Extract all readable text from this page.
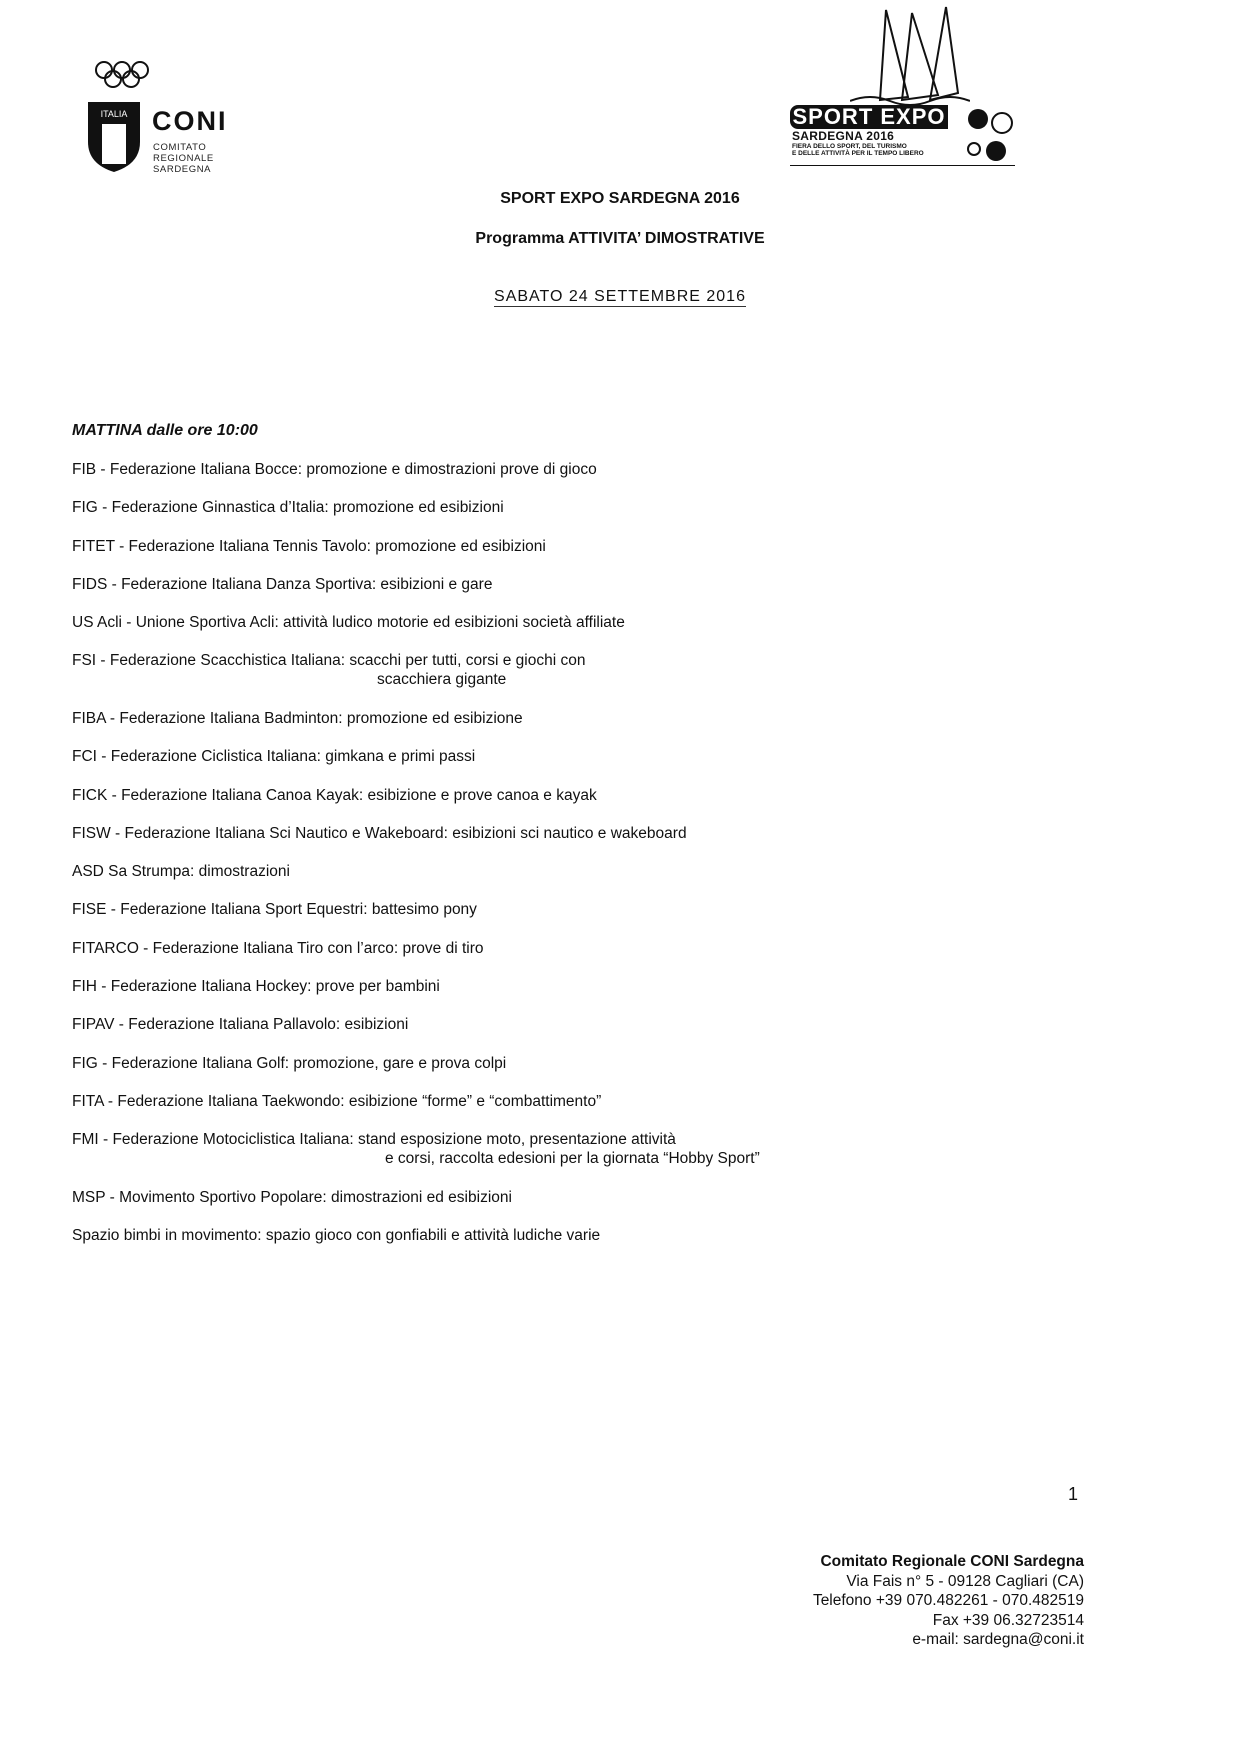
ITALIA CONI
COMITATO
REGIONALE
SARDEGNA
SPORT EXPO
SARDEGNA 2016
FIERA DELLO SPORT, DEL TURISMO
E DELLE ATTIVITÀ PER IL TEMPO LIBERO
SPORT EXPO SARDEGNA 2016
Programma ATTIVITA’ DIMOSTRATIVE
SABATO 24 SETTEMBRE 2016
MATTINA dalle ore 10:00
FIB - Federazione Italiana Bocce: promozione e dimostrazioni prove di gioco
FIG - Federazione Ginnastica d’Italia: promozione ed esibizioni
FITET - Federazione Italiana Tennis Tavolo: promozione ed esibizioni
FIDS - Federazione Italiana Danza Sportiva: esibizioni e gare
US Acli - Unione Sportiva Acli: attività ludico motorie ed esibizioni società affiliate
FSI - Federazione Scacchistica Italiana: scacchi per tutti, corsi e giochi con
scacchiera gigante
FIBA - Federazione Italiana Badminton: promozione ed esibizione
FCI - Federazione Ciclistica Italiana: gimkana e primi passi
FICK - Federazione Italiana Canoa Kayak: esibizione e prove canoa e kayak
FISW - Federazione Italiana Sci Nautico e Wakeboard: esibizioni sci nautico e wakeboard
ASD Sa Strumpa: dimostrazioni
FISE - Federazione Italiana Sport Equestri: battesimo pony
FITARCO - Federazione Italiana Tiro con l’arco: prove di tiro
FIH - Federazione Italiana Hockey: prove per bambini
FIPAV - Federazione Italiana Pallavolo: esibizioni
FIG - Federazione Italiana Golf: promozione, gare e prova colpi
FITA - Federazione Italiana Taekwondo: esibizione “forme” e “combattimento”
FMI - Federazione Motociclistica Italiana: stand esposizione moto, presentazione attività
e corsi, raccolta edesioni per la giornata “Hobby Sport”
MSP - Movimento Sportivo Popolare: dimostrazioni ed esibizioni
Spazio bimbi in movimento: spazio gioco con gonfiabili e attività ludiche varie
1
Comitato Regionale CONI Sardegna
Via Fais n° 5 - 09128 Cagliari (CA)
Telefono +39 070.482261 - 070.482519
Fax +39 06.32723514
e-mail: sardegna@coni.it
